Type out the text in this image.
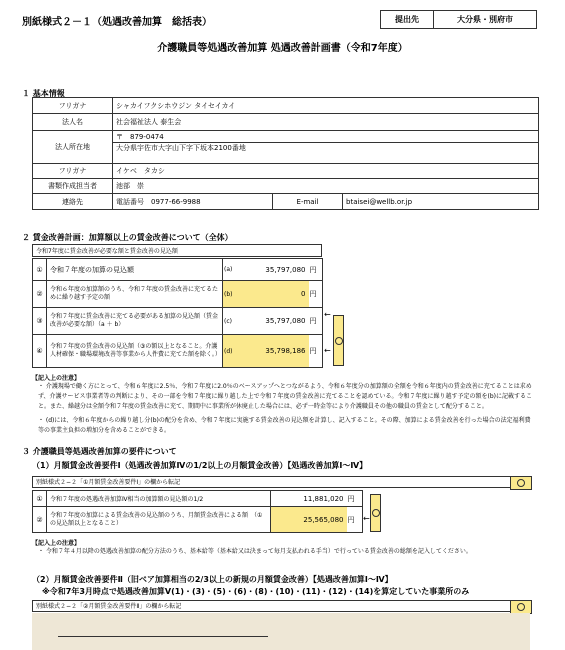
別紙様式２－１（処遇改善加算　総括表）	提出先	大分県・別府市
介護職員等処遇改善加算 処遇改善計画書（令和7年度）
１ 基本情報
フリガナ	シャカイフクシホウジン タイセイカイ		
法人名	社会福祉法人 泰生会		
法人所在地	〒　879-0474		
	大分県宇佐市大字山下字下坂本2100番地		
フリガナ	イケベ　タカシ		
書類作成担当者	池部　崇		
連絡先	電話番号　 0977-66-9988	E-mail	btaisei@wellb.or.jp
２ 賃金改善計画：加算額以上の賃金改善について（全体）
令和7年度に賃金改善が必要な額と賃金改善の見込額
①	令和７年度の加算の見込額	(a)	35,797,080	円
②	令和６年度の加算額のうち、令和７年度の賃金改善に充てるために繰り越す予定の額	(b)	0	円
③	令和７年度に賃金改善に充てる必要がある加算の見込額（賃金改善が必要な額）（a ＋ b）	(c)	35,797,080	円
④	令和７年度の賃金改善の見込額（③の額以上となること。介護人材確保・職場環境改善等事業から人件費に充てた額を除く。）	(d)	35,798,186	円
←
←
【記入上の注意】
・ 介護現場で働く方にとって、令和６年度に2.5％、令和７年度に2.0％のベースアップへとつながるよう、令和６年度分の加算額の全額を令和６年度内の賃金改善に充てることは求めず、介護サービス事業者等の判断により、その一部を令和７年度に繰り越した上で令和７年度の賃金改善に充てることを認めている。令和７年度に繰り越す予定の額を(b)に記載すること。また、繰越分は全額令和７年度の賃金改善に充て、期間中に事業所が休廃止した場合には、必ず一時金等により介護職員その他の職員の賃金として配分すること。
・ (d)には、令和６年度からの繰り越し分(b)の配分を含め、令和７年度に実施する賃金改善の見込額を計算し、記入すること。その際、加算による賃金改善を行った場合の法定福利費等の事業主負担の増加分を含めることができる。
３ 介護職員等処遇改善加算の要件について
（1）月額賃金改善要件Ⅰ（処遇改善加算Ⅳの1/2以上の月額賃金改善）【処遇改善加算Ⅰ～Ⅳ】
別紙様式２−２「①月額賃金改善要件Ⅰ」の欄から転記
①	令和７年度の処遇改善加算Ⅳ相当の加算額の見込額の1/2	11,881,020	円
②	令和７年度の加算による賃金改善の見込額のうち、月額賃金改善による額　（①の見込額以上となること）	25,565,080	円 ←
【記入上の注意】
・ 令和７年４月以降の処遇改善加算の配分方法のうち、基本給等（基本給又は決まって毎月支払われる手当）で行っている賃金改善の総額を記入してください。
（2）月額賃金改善要件Ⅱ（旧ベア加算相当の2/3以上の新規の月額賃金改善）【処遇改善加算Ⅰ～Ⅳ】
※令和7年3月時点で処遇改善加算Ⅴ(1)・(3)・(5)・(6)・(8)・(10)・(11)・(12)・(14)を算定していた事業所のみ
別紙様式２−２「②月額賃金改善要件Ⅱ」の欄から転記
